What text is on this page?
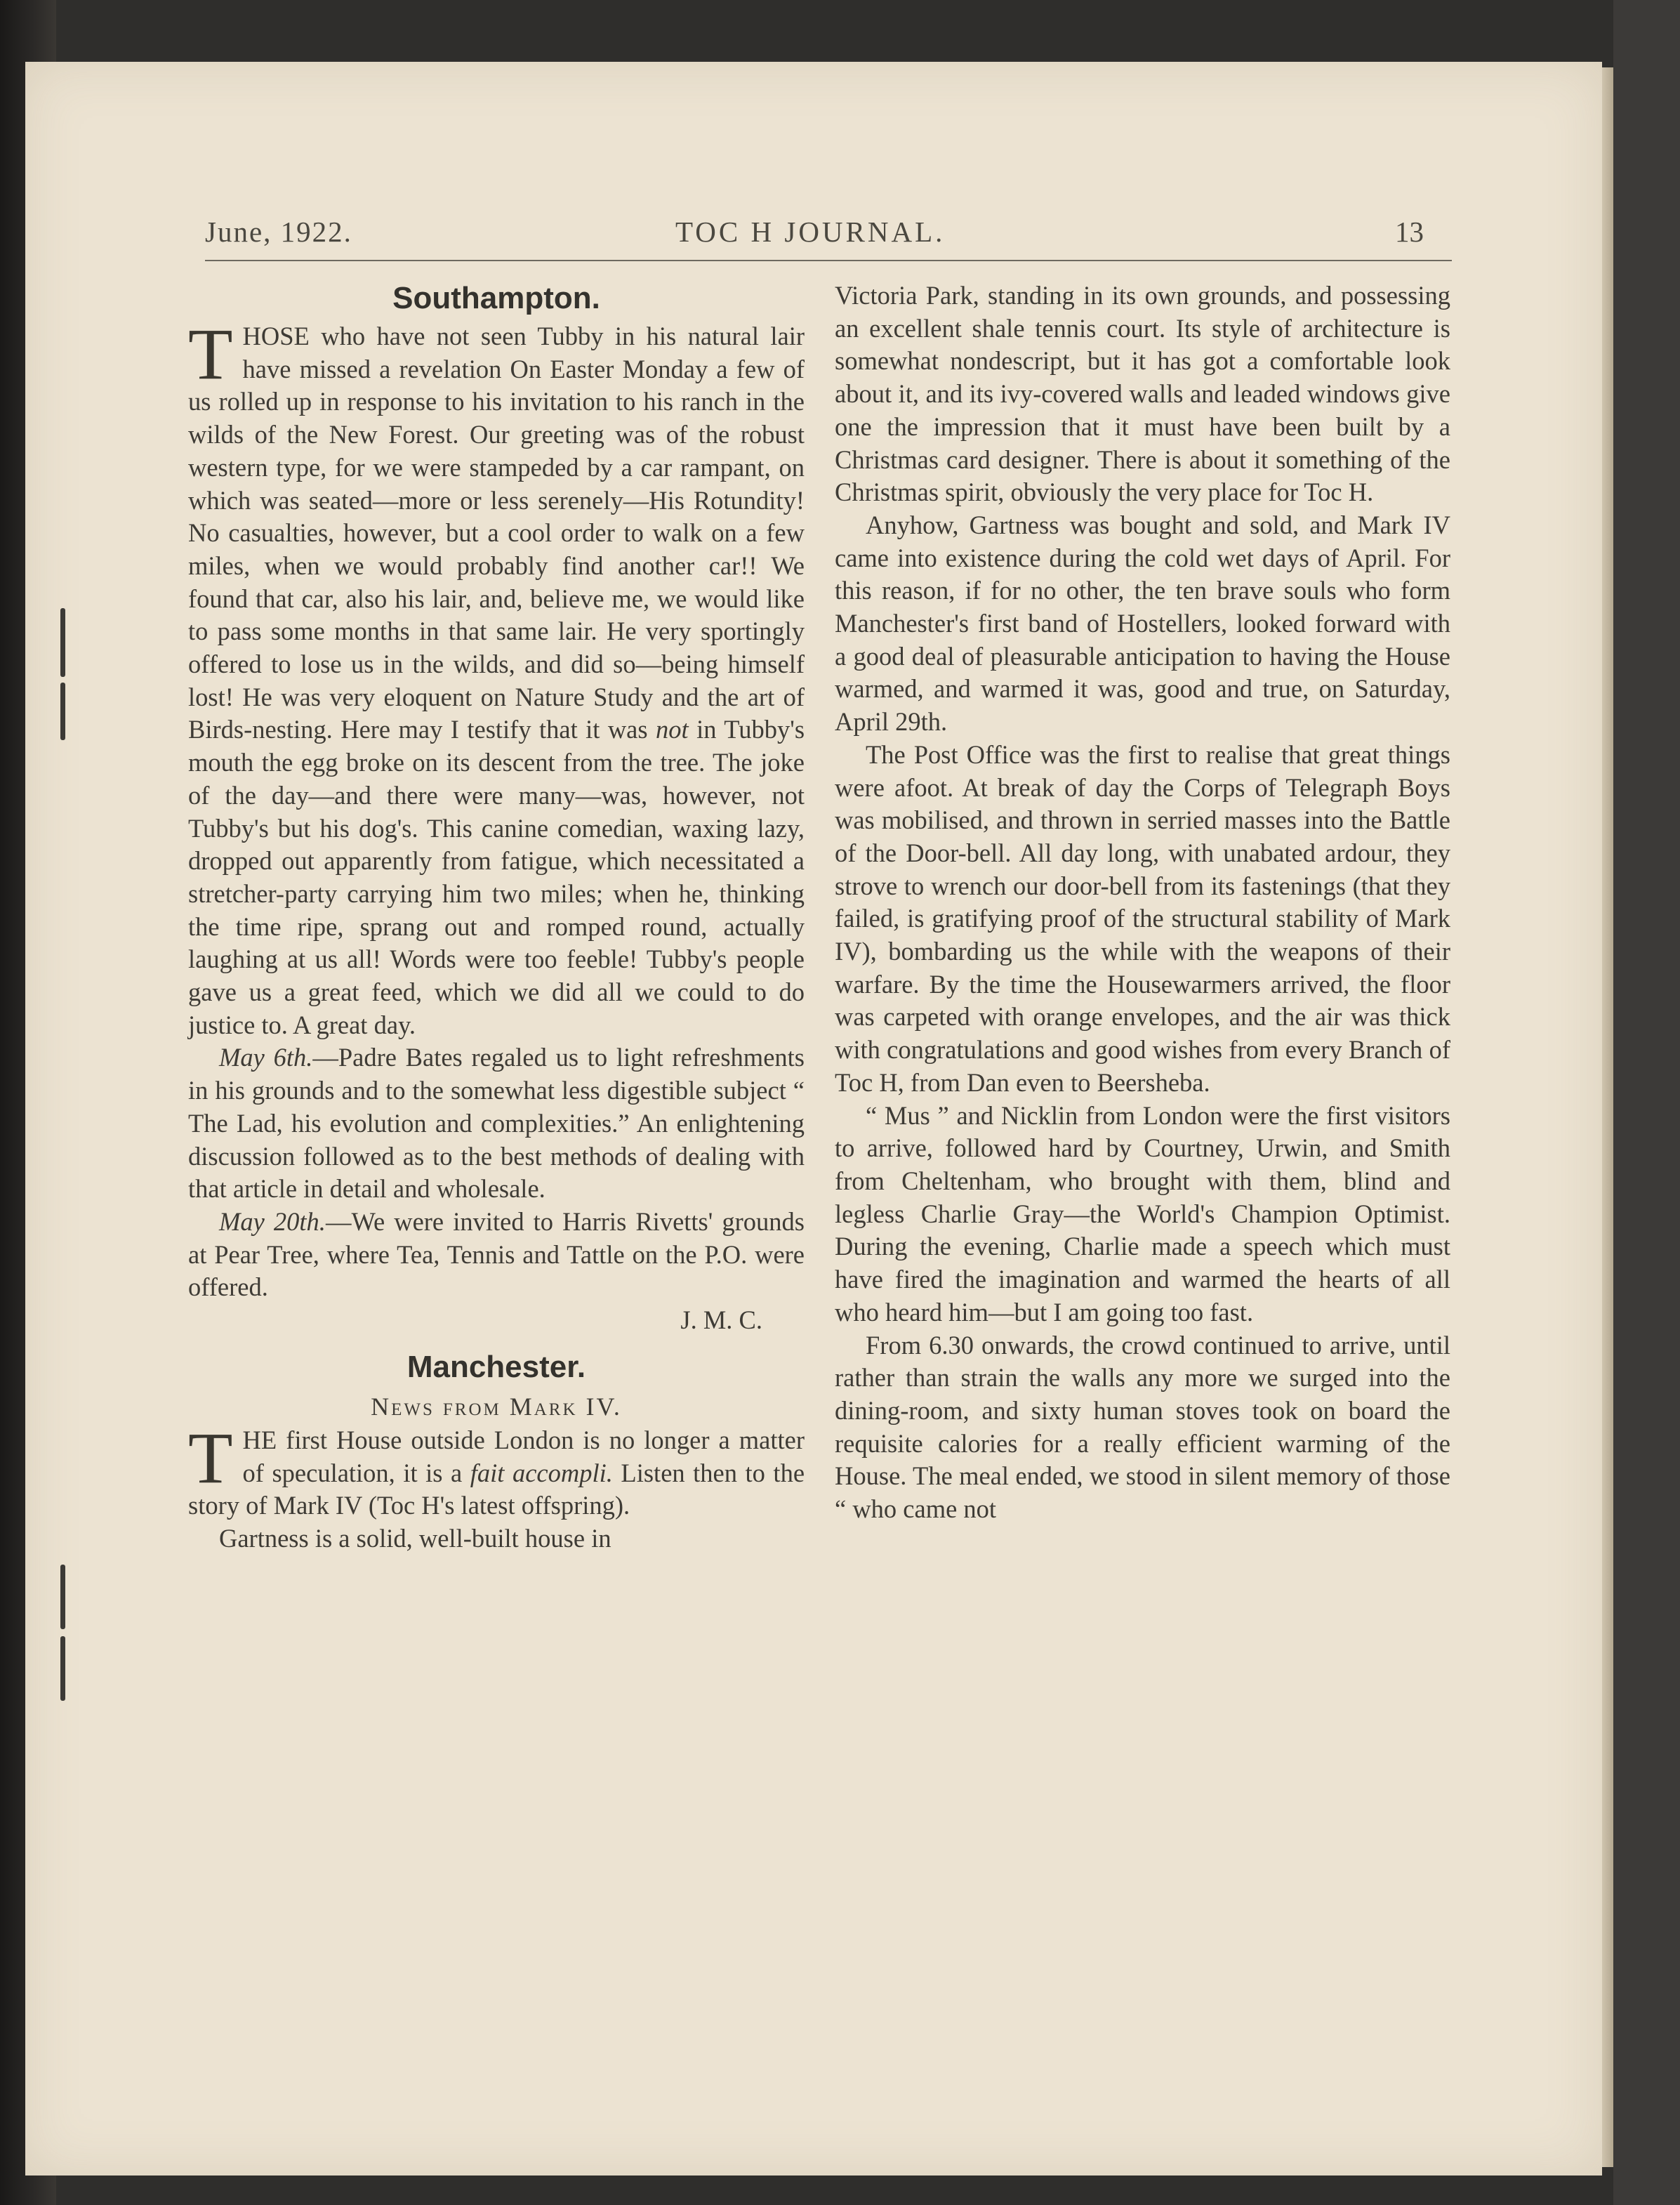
June, 1922.	TOC H JOURNAL.	13
Southampton.

THOSE who have not seen Tubby in his natural lair have missed a revelation On Easter Monday a few of us rolled up in response to his invitation to his ranch in the wilds of the New Forest. Our greeting was of the robust western type, for we were stampeded by a car rampant, on which was seated—more or less serenely—His Rotundity! No casualties, however, but a cool order to walk on a few miles, when we would probably find another car!! We found that car, also his lair, and, believe me, we would like to pass some months in that same lair. He very sportingly offered to lose us in the wilds, and did so—being himself lost! He was very eloquent on Nature Study and the art of Birds-nesting. Here may I testify that it was not in Tubby's mouth the egg broke on its descent from the tree. The joke of the day—and there were many—was, however, not Tubby's but his dog's. This canine comedian, waxing lazy, dropped out apparently from fatigue, which necessitated a stretcher-party carrying him two miles; when he, thinking the time ripe, sprang out and romped round, actually laughing at us all! Words were too feeble! Tubby's people gave us a great feed, which we did all we could to do justice to. A great day.

May 6th.—Padre Bates regaled us to light refreshments in his grounds and to the somewhat less digestible subject “ The Lad, his evolution and complexities.” An enlightening discussion followed as to the best methods of dealing with that article in detail and wholesale.

May 20th.—We were invited to Harris Rivetts' grounds at Pear Tree, where Tea, Tennis and Tattle on the P.O. were offered.

J. M. C.

Manchester.
News from Mark IV.

THE first House outside London is no longer a matter of speculation, it is a fait accompli. Listen then to the story of Mark IV (Toc H's latest offspring).

Gartness is a solid, well-built house in

Victoria Park, standing in its own grounds, and possessing an excellent shale tennis court. Its style of architecture is somewhat nondescript, but it has got a comfortable look about it, and its ivy-covered walls and leaded windows give one the impression that it must have been built by a Christmas card designer. There is about it something of the Christmas spirit, obviously the very place for Toc H.

Anyhow, Gartness was bought and sold, and Mark IV came into existence during the cold wet days of April. For this reason, if for no other, the ten brave souls who form Manchester's first band of Hostellers, looked forward with a good deal of pleasurable anticipation to having the House warmed, and warmed it was, good and true, on Saturday, April 29th.

The Post Office was the first to realise that great things were afoot. At break of day the Corps of Telegraph Boys was mobilised, and thrown in serried masses into the Battle of the Door-bell. All day long, with unabated ardour, they strove to wrench our door-bell from its fastenings (that they failed, is gratifying proof of the structural stability of Mark IV), bombarding us the while with the weapons of their warfare. By the time the Housewarmers arrived, the floor was carpeted with orange envelopes, and the air was thick with congratulations and good wishes from every Branch of Toc H, from Dan even to Beersheba.

“ Mus ” and Nicklin from London were the first visitors to arrive, followed hard by Courtney, Urwin, and Smith from Cheltenham, who brought with them, blind and legless Charlie Gray—the World's Champion Optimist. During the evening, Charlie made a speech which must have fired the imagination and warmed the hearts of all who heard him—but I am going too fast.

From 6.30 onwards, the crowd continued to arrive, until rather than strain the walls any more we surged into the dining-room, and sixty human stoves took on board the requisite calories for a really efficient warming of the House. The meal ended, we stood in silent memory of those “ who came not
